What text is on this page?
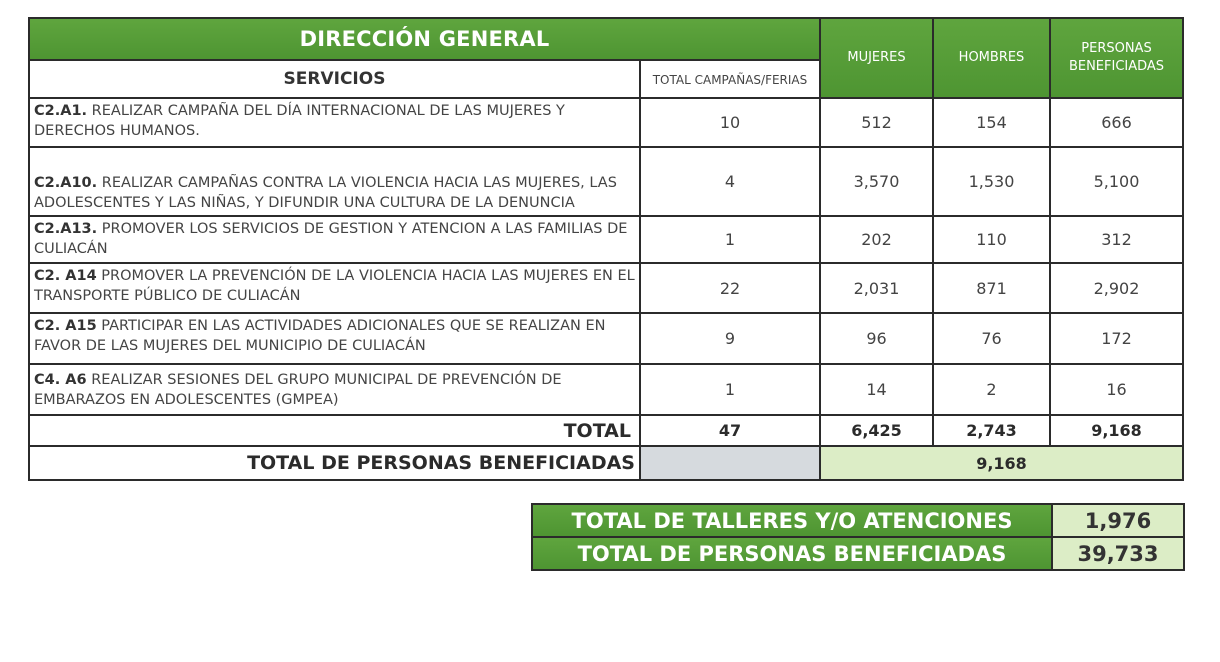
DIRECCIÓN GENERAL		MUJERES	HOMBRES	PERSONAS BENEFICIADAS
SERVICIOS	TOTAL CAMPAÑAS/FERIAS			
C2.A1. REALIZAR CAMPAÑA DEL DÍA INTERNACIONAL DE LAS MUJERES Y DERECHOS HUMANOS.	10	512	154	666
C2.A10. REALIZAR CAMPAÑAS CONTRA LA VIOLENCIA HACIA LAS MUJERES, LAS ADOLESCENTES Y LAS NIÑAS, Y DIFUNDIR UNA CULTURA DE LA DENUNCIA	4	3,570	1,530	5,100
C2.A13. PROMOVER LOS SERVICIOS DE GESTION Y ATENCION A LAS FAMILIAS DE CULIACÁN	1	202	110	312
C2. A14 PROMOVER LA PREVENCIÓN DE LA VIOLENCIA HACIA LAS MUJERES EN EL TRANSPORTE PÚBLICO DE CULIACÁN	22	2,031	871	2,902
C2. A15 PARTICIPAR EN LAS ACTIVIDADES ADICIONALES QUE SE REALIZAN EN FAVOR DE LAS MUJERES DEL MUNICIPIO DE CULIACÁN	9	96	76	172
C4. A6 REALIZAR SESIONES DEL GRUPO MUNICIPAL DE PREVENCIÓN DE EMBARAZOS EN ADOLESCENTES (GMPEA)	1	14	2	16
TOTAL	47	6,425	2,743	9,168
TOTAL DE PERSONAS BENEFICIADAS		9,168		
TOTAL DE TALLERES Y/O ATENCIONES	1,976
TOTAL DE PERSONAS BENEFICIADAS	39,733
